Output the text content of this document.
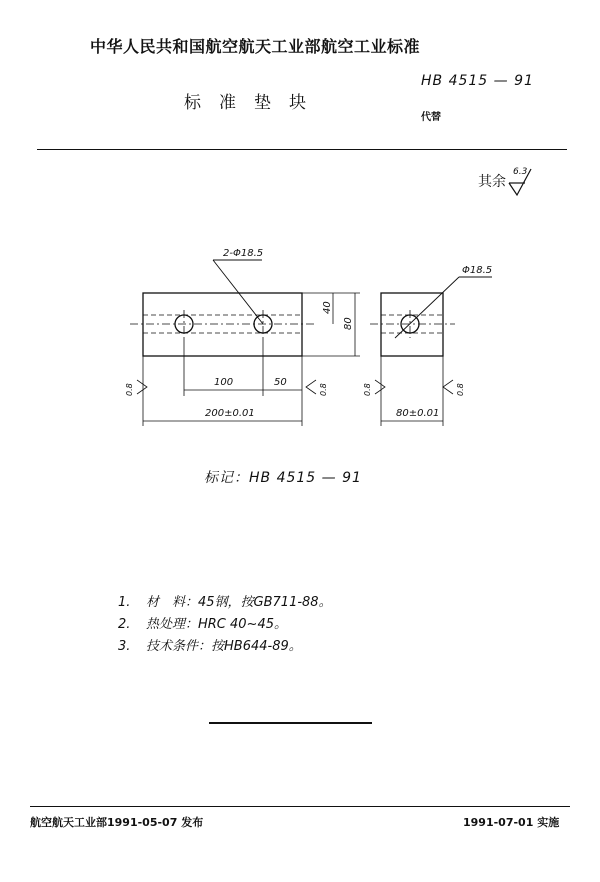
中华人民共和国航空航天工业部航空工业标准
标准垫块
HB 4515 — 91
代替
其余
6.3
2-Φ18.5
Φ18.5
40
80
100	50
200±0.01	80±0.01
0.8	0.8	0.8	0.8
标记：HB 4515 — 91
1. 材　料：45钢，按GB711-88。
2. 热处理：HRC 40~45。
3. 技术条件：按HB644-89。
航空航天工业部1991-05-07 发布	1991-07-01 实施
